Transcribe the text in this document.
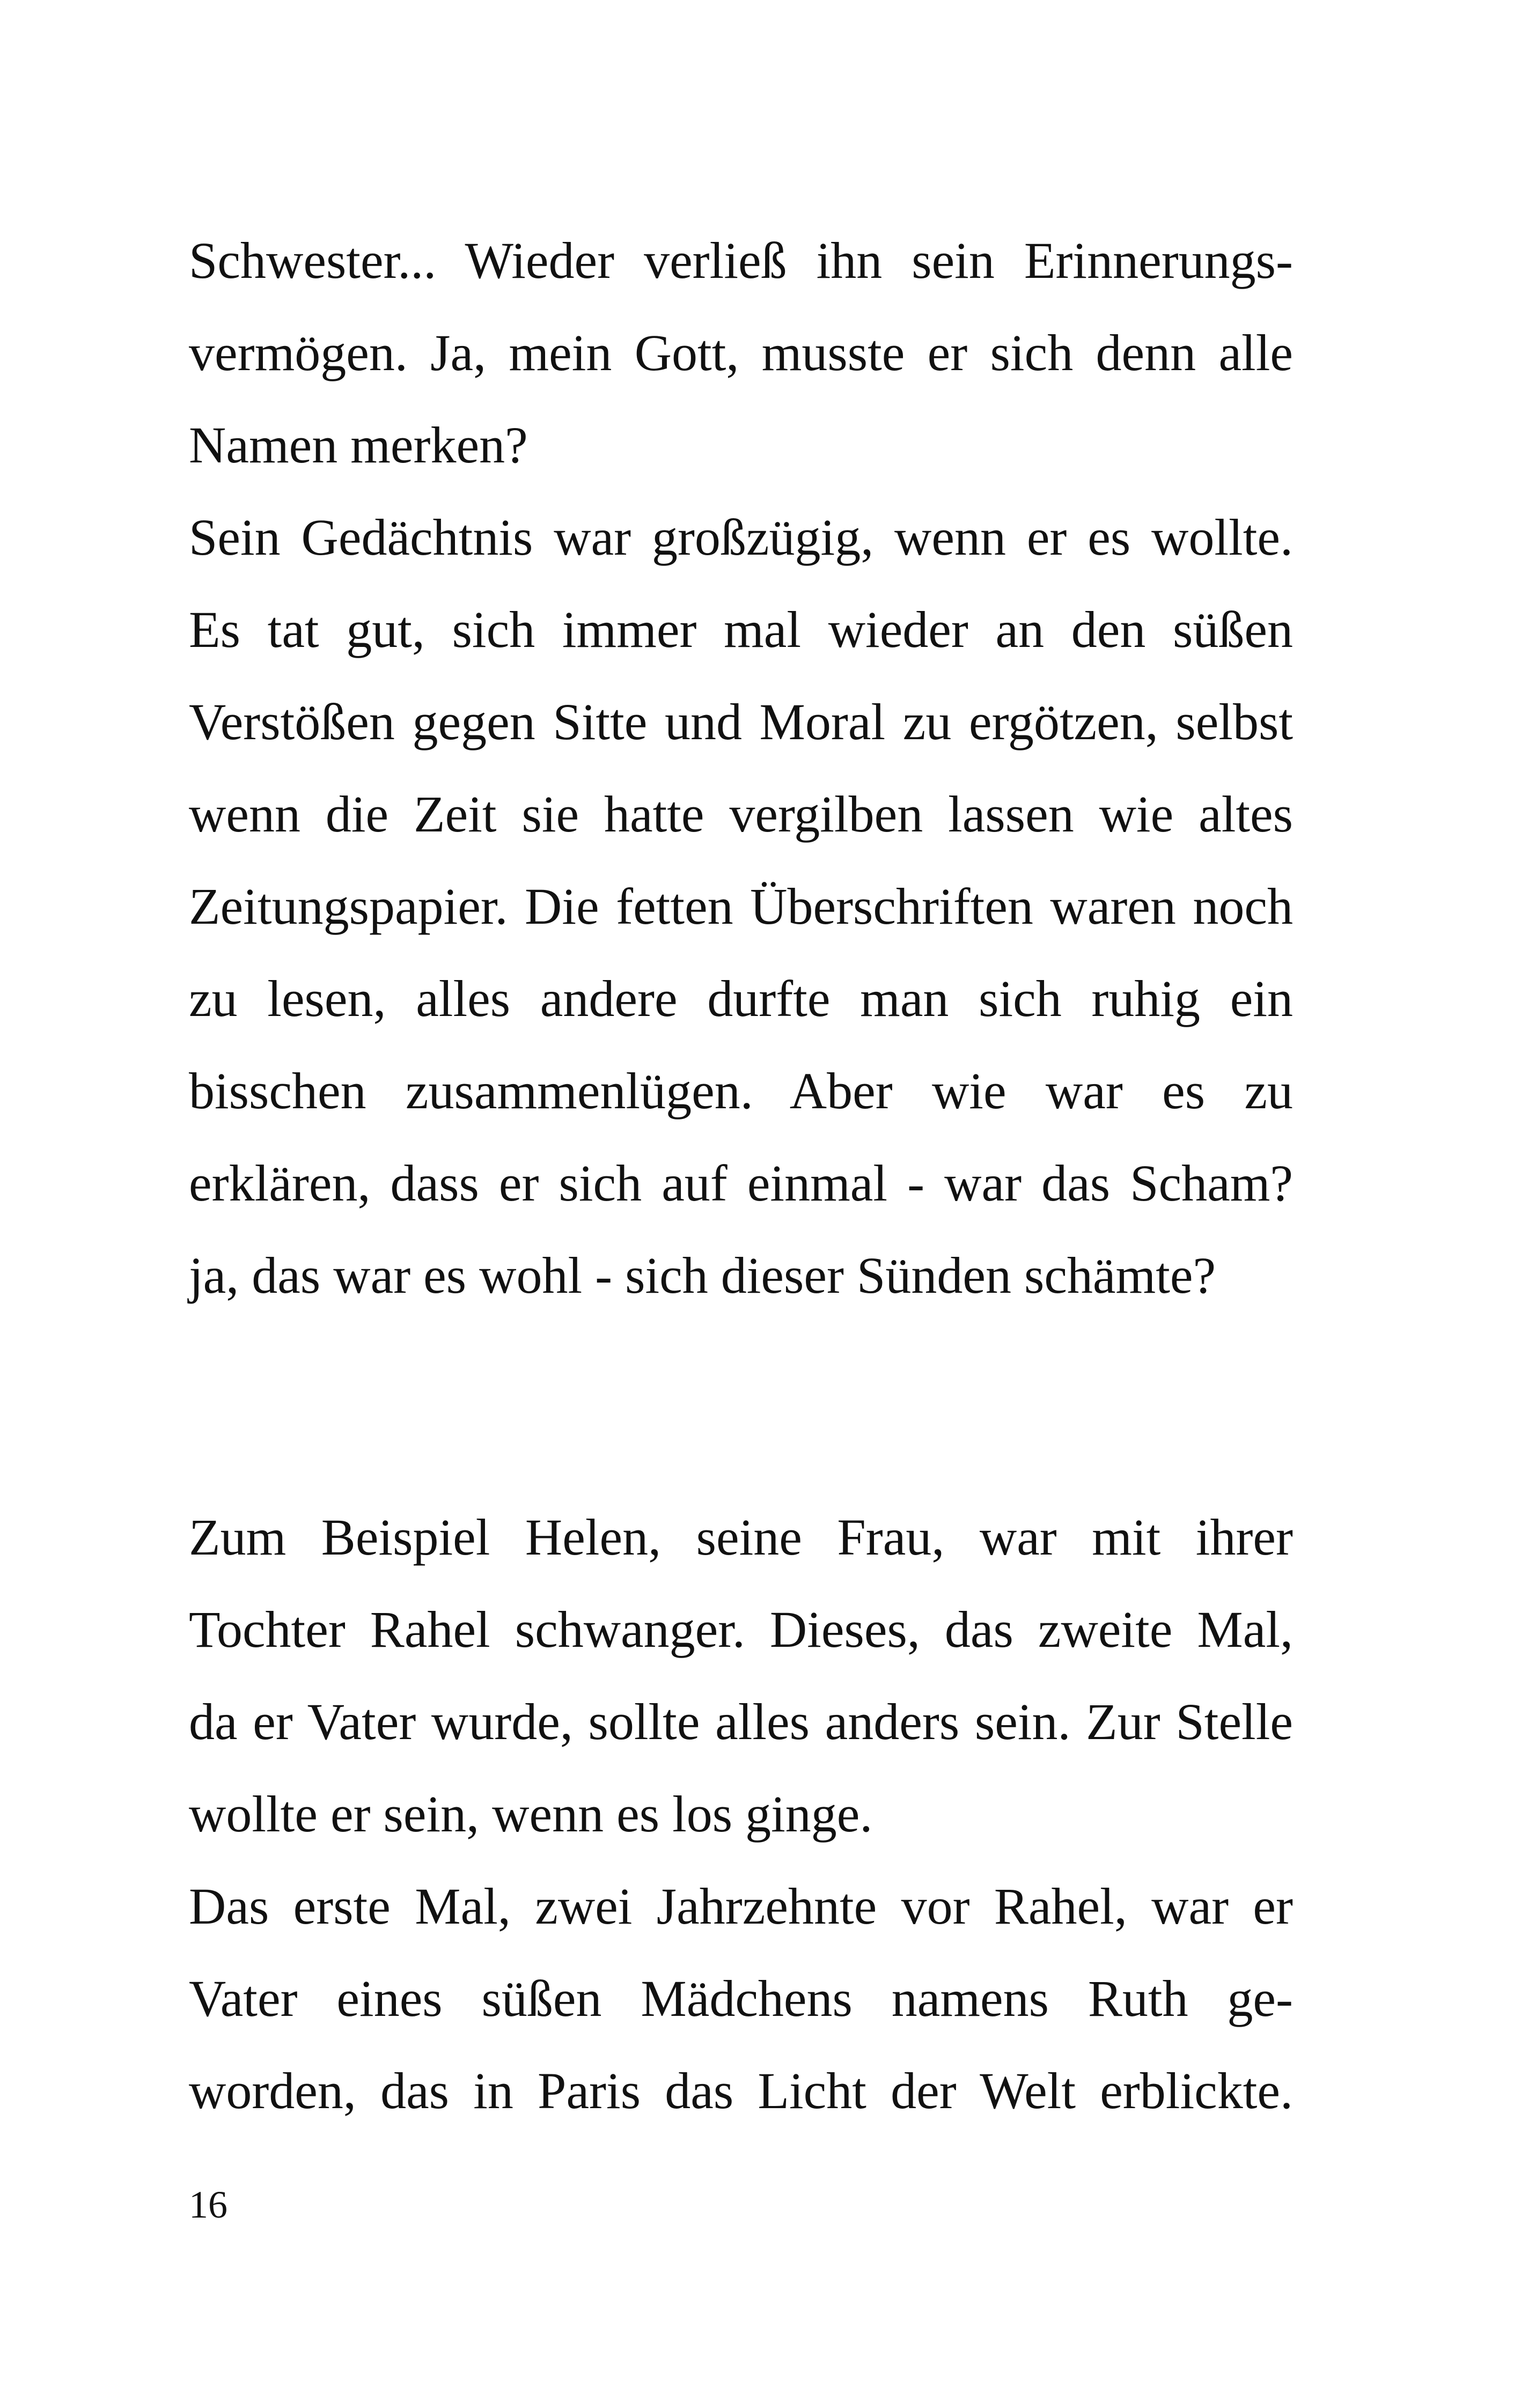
Schwester... Wieder verließ ihn sein Erinnerungs-
vermögen. Ja, mein Gott, musste er sich denn alle
Namen merken?
Sein Gedächtnis war großzügig, wenn er es wollte.
Es tat gut, sich immer mal wieder an den süßen
Verstößen gegen Sitte und Moral zu ergötzen, selbst
wenn die Zeit sie hatte vergilben lassen wie altes
Zeitungspapier. Die fetten Überschriften waren noch
zu lesen, alles andere durfte man sich ruhig ein
bisschen zusammenlügen. Aber wie war es zu
erklären, dass er sich auf einmal - war das Scham?
ja, das war es wohl - sich dieser Sünden schämte?
Zum Beispiel Helen, seine Frau, war mit ihrer
Tochter Rahel schwanger. Dieses, das zweite Mal,
da er Vater wurde, sollte alles anders sein. Zur Stelle
wollte er sein, wenn es los ginge.
Das erste Mal, zwei Jahrzehnte vor Rahel, war er
Vater eines süßen Mädchens namens Ruth ge-
worden, das in Paris das Licht der Welt erblickte.
16
